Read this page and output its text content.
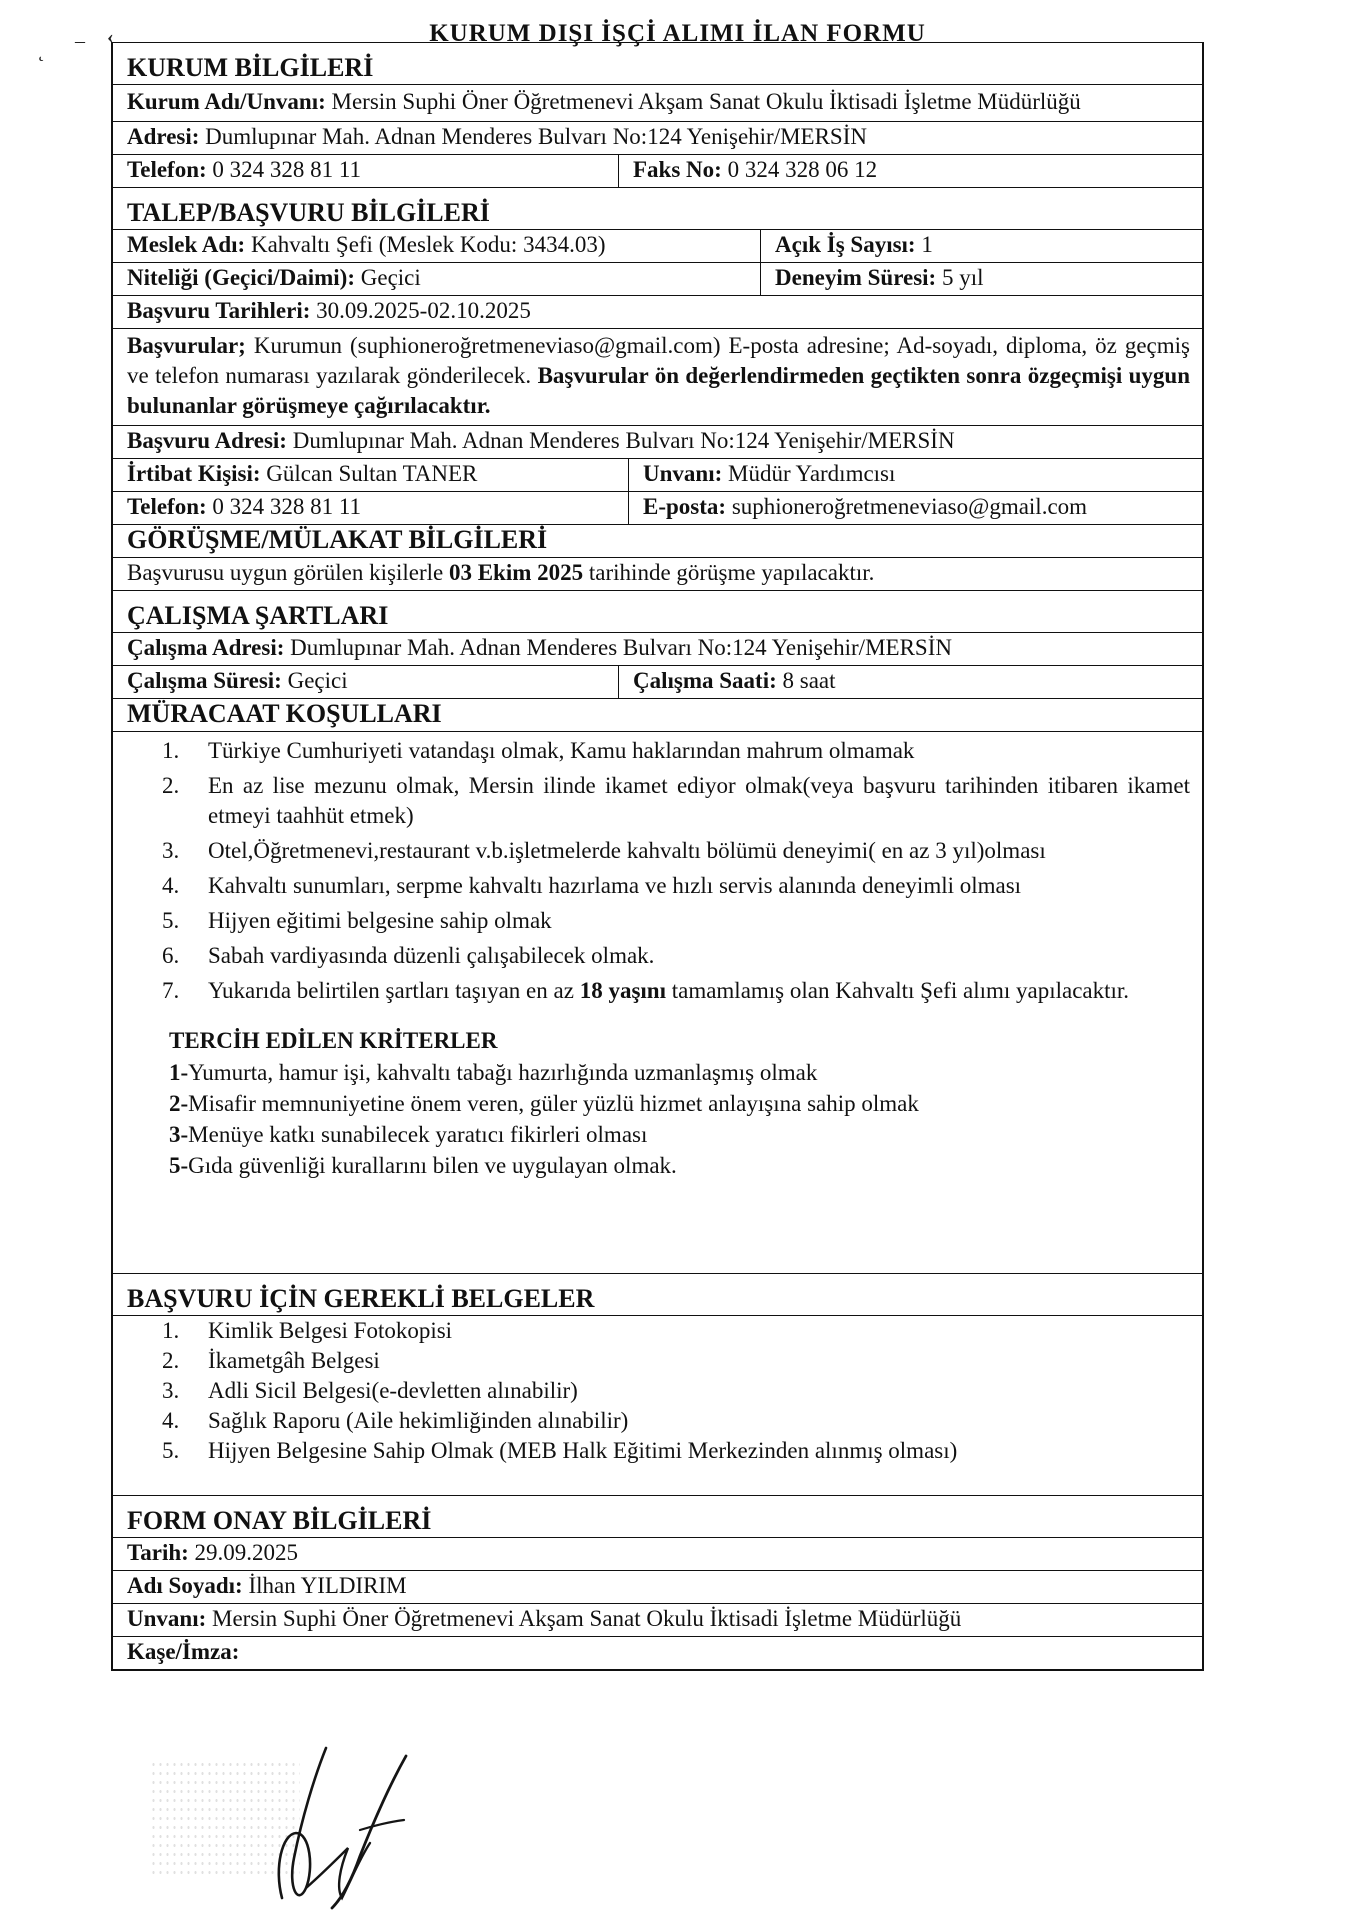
˛ – ‹	KURUM DIŞI İŞÇİ ALIMI İLAN FORMU
KURUM BİLGİLERİ
Kurum Adı/Unvanı: Mersin Suphi Öner Öğretmenevi Akşam Sanat Okulu İktisadi İşletme Müdürlüğü
Adresi: Dumlupınar Mah. Adnan Menderes Bulvarı No:124 Yenişehir/MERSİN
Telefon: 0 324 328 81 11	Faks No: 0 324 328 06 12
TALEP/BAŞVURU BİLGİLERİ
Meslek Adı: Kahvaltı Şefi (Meslek Kodu: 3434.03)	Açık İş Sayısı: 1
Niteliği (Geçici/Daimi): Geçici	Deneyim Süresi: 5 yıl
Başvuru Tarihleri: 30.09.2025-02.10.2025
Başvurular; Kurumun (suphioneroğretmeneviaso@gmail.com) E-posta adresine; Ad-soyadı, diploma, öz geçmiş ve telefon numarası yazılarak gönderilecek. Başvurular ön değerlendirmeden geçtikten sonra özgeçmişi uygun bulunanlar görüşmeye çağırılacaktır.
Başvuru Adresi: Dumlupınar Mah. Adnan Menderes Bulvarı No:124 Yenişehir/MERSİN
İrtibat Kişisi: Gülcan Sultan TANER	Unvanı: Müdür Yardımcısı
Telefon: 0 324 328 81 11	E-posta: suphioneroğretmeneviaso@gmail.com
GÖRÜŞME/MÜLAKAT BİLGİLERİ
Başvurusu uygun görülen kişilerle 03 Ekim 2025 tarihinde görüşme yapılacaktır.
ÇALIŞMA ŞARTLARI
Çalışma Adresi: Dumlupınar Mah. Adnan Menderes Bulvarı No:124 Yenişehir/MERSİN
Çalışma Süresi: Geçici	Çalışma Saati: 8 saat
MÜRACAAT KOŞULLARI
1. Türkiye Cumhuriyeti vatandaşı olmak, Kamu haklarından mahrum olmamak
2. En az lise mezunu olmak, Mersin ilinde ikamet ediyor olmak(veya başvuru tarihinden itibaren ikamet etmeyi taahhüt etmek)
3. Otel,Öğretmenevi,restaurant v.b.işletmelerde kahvaltı bölümü deneyimi( en az 3 yıl)olması
4. Kahvaltı sunumları, serpme kahvaltı hazırlama ve hızlı servis alanında deneyimli olması
5. Hijyen eğitimi belgesine sahip olmak
6. Sabah vardiyasında düzenli çalışabilecek olmak.
7. Yukarıda belirtilen şartları taşıyan en az 18 yaşını tamamlamış olan Kahvaltı Şefi alımı yapılacaktır.
TERCİH EDİLEN KRİTERLER
1-Yumurta, hamur işi, kahvaltı tabağı hazırlığında uzmanlaşmış olmak
2-Misafir memnuniyetine önem veren, güler yüzlü hizmet anlayışına sahip olmak
3-Menüye katkı sunabilecek yaratıcı fikirleri olması
5-Gıda güvenliği kurallarını bilen ve uygulayan olmak.
BAŞVURU İÇİN GEREKLİ BELGELER
1. Kimlik Belgesi Fotokopisi
2. İkametgâh Belgesi
3. Adli Sicil Belgesi(e-devletten alınabilir)
4. Sağlık Raporu (Aile hekimliğinden alınabilir)
5. Hijyen Belgesine Sahip Olmak (MEB Halk Eğitimi Merkezinden alınmış olması)
FORM ONAY BİLGİLERİ
Tarih: 29.09.2025
Adı Soyadı: İlhan YILDIRIM
Unvanı: Mersin Suphi Öner Öğretmenevi Akşam Sanat Okulu İktisadi İşletme Müdürlüğü
Kaşe/İmza:
